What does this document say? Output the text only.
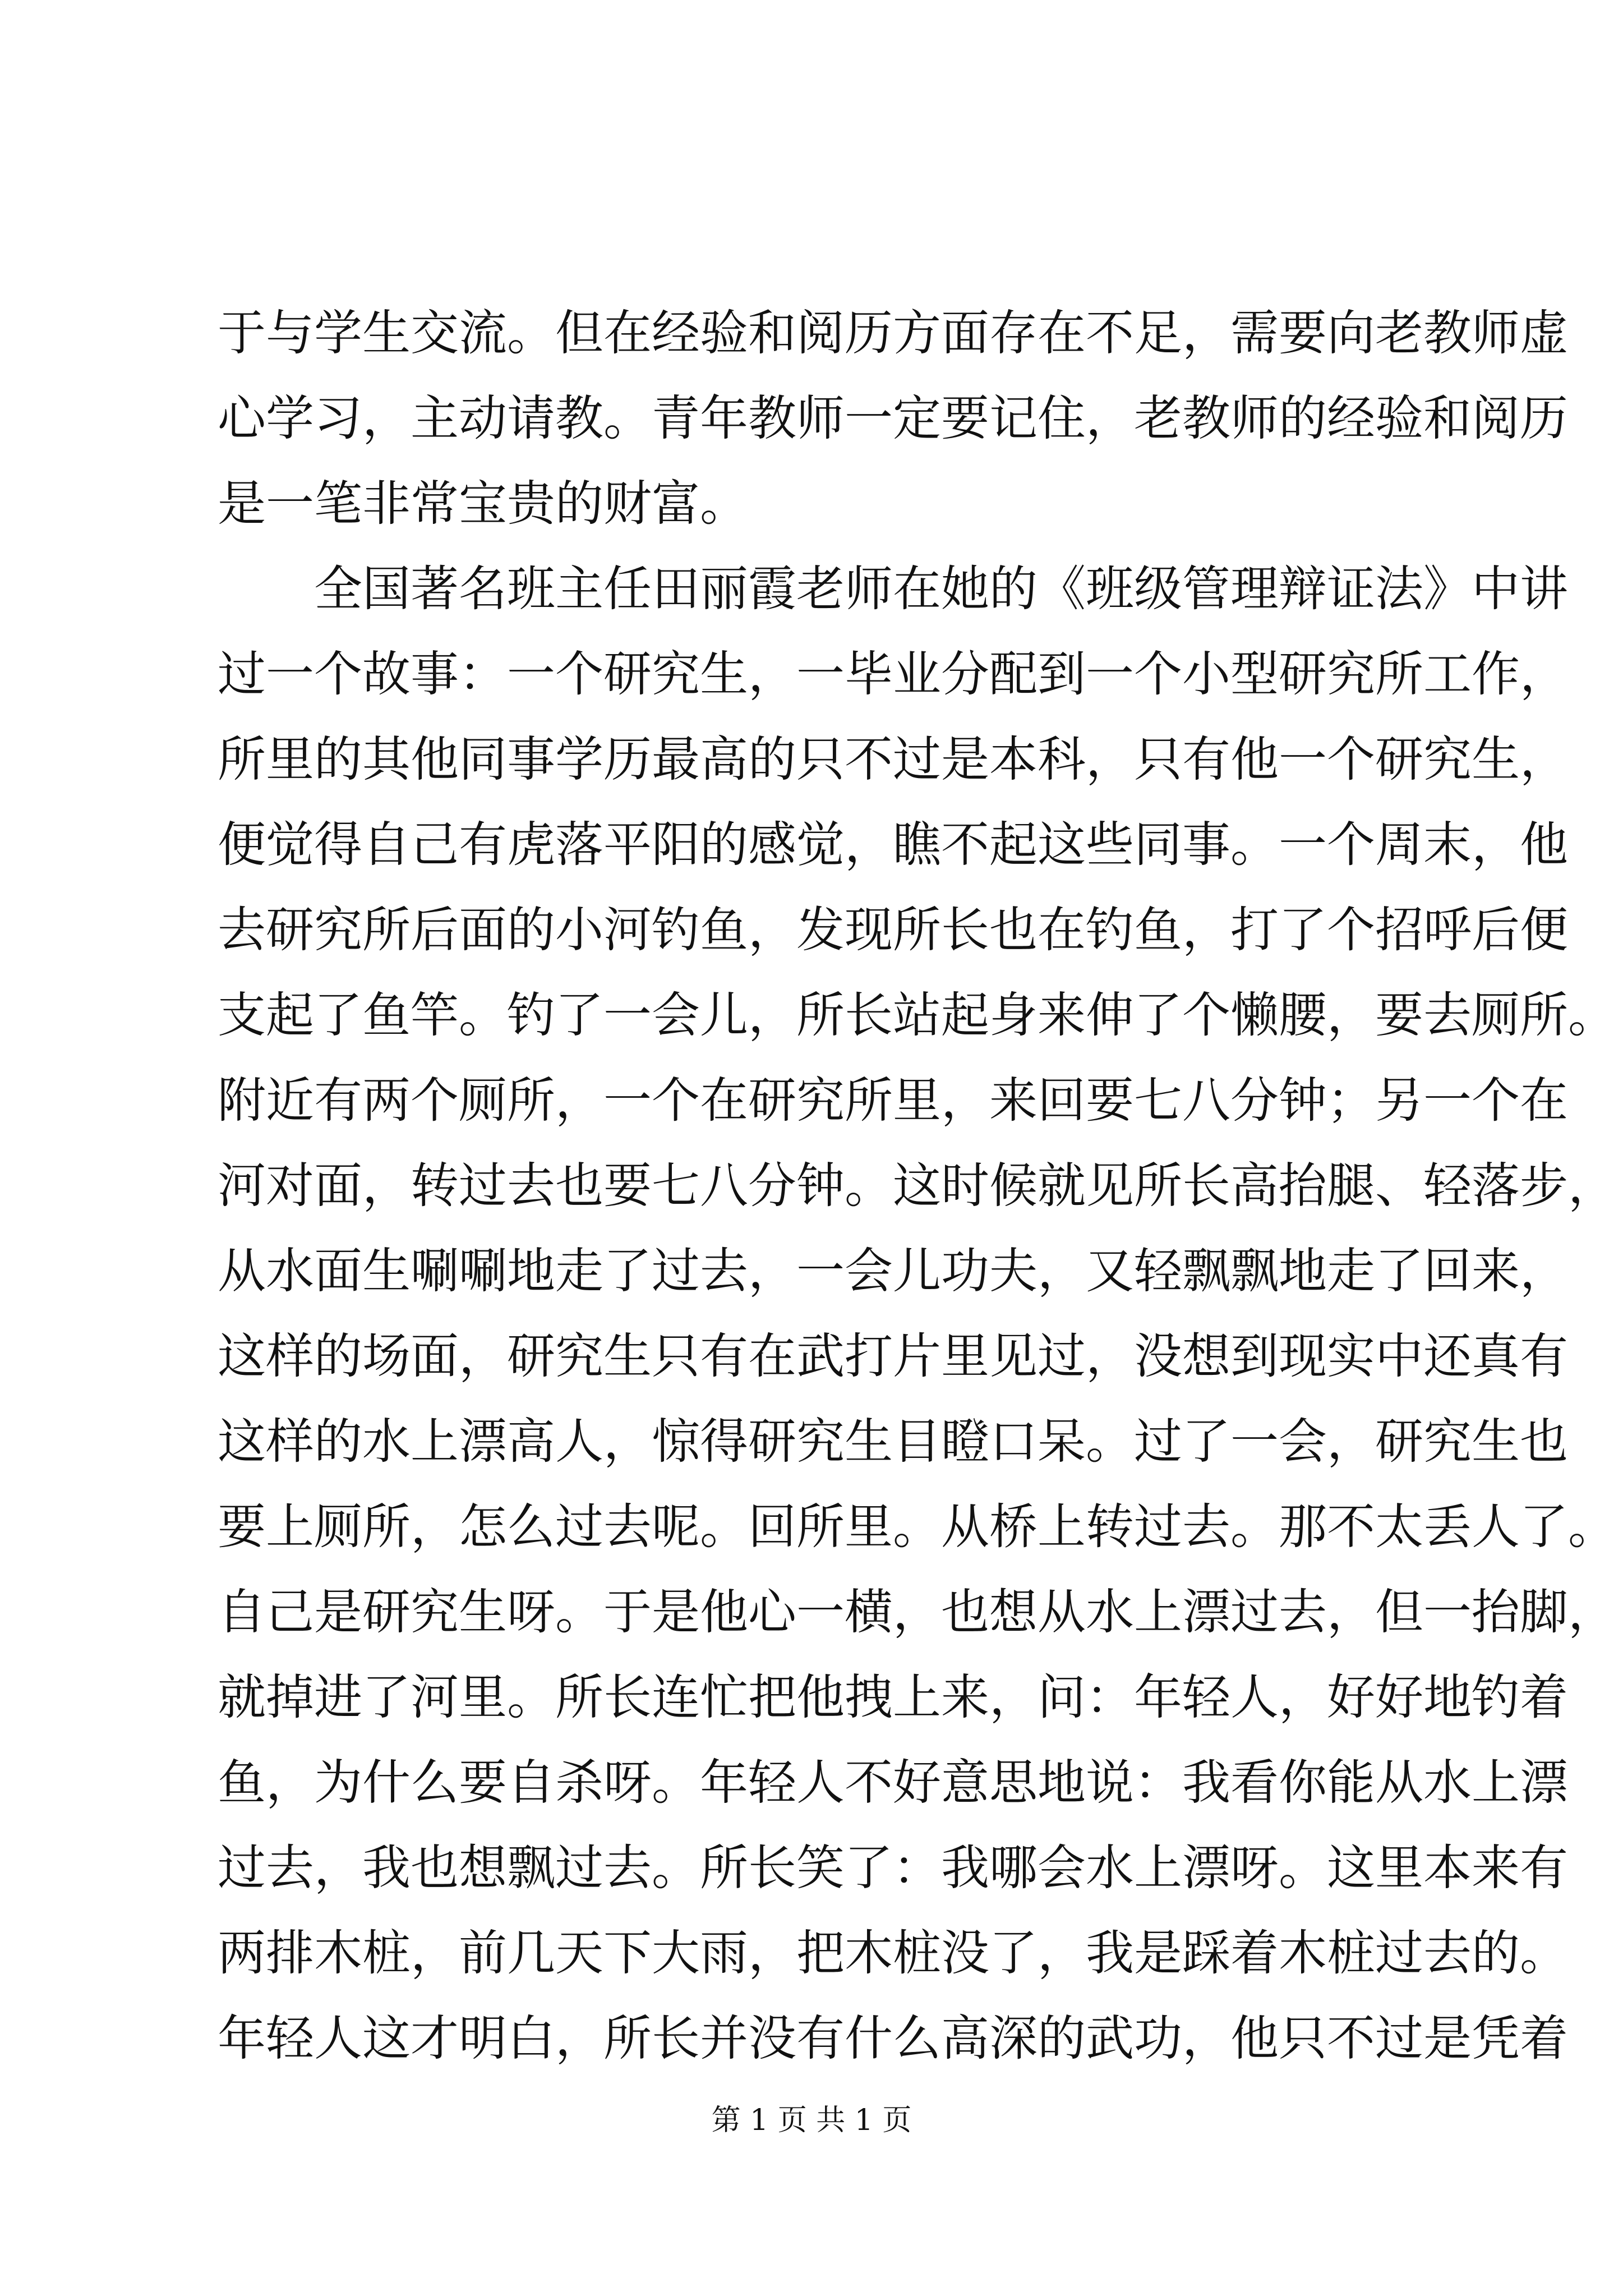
于与学生交流。但在经验和阅历方面存在不足，需要向老教师虚
心学习，主动请教。青年教师一定要记住，老教师的经验和阅历
是一笔非常宝贵的财富。
全国著名班主任田丽霞老师在她的《班级管理辩证法》中讲
过一个故事：一个研究生，一毕业分配到一个小型研究所工作，
所里的其他同事学历最高的只不过是本科，只有他一个研究生，
便觉得自己有虎落平阳的感觉，瞧不起这些同事。一个周末，他
去研究所后面的小河钓鱼，发现所长也在钓鱼，打了个招呼后便
支起了鱼竿。钓了一会儿，所长站起身来伸了个懒腰，要去厕所。
附近有两个厕所，一个在研究所里，来回要七八分钟；另一个在
河对面，转过去也要七八分钟。这时候就见所长高抬腿、轻落步，
从水面生唰唰地走了过去，一会儿功夫，又轻飘飘地走了回来，
这样的场面，研究生只有在武打片里见过，没想到现实中还真有
这样的水上漂高人，惊得研究生目瞪口呆。过了一会，研究生也
要上厕所，怎么过去呢。回所里。从桥上转过去。那不太丢人了。
自己是研究生呀。于是他心一横，也想从水上漂过去，但一抬脚，
就掉进了河里。所长连忙把他拽上来，问：年轻人，好好地钓着
鱼，为什么要自杀呀。年轻人不好意思地说：我看你能从水上漂
过去，我也想飘过去。所长笑了：我哪会水上漂呀。这里本来有
两排木桩，前几天下大雨，把木桩没了，我是踩着木桩过去的。
年轻人这才明白，所长并没有什么高深的武功，他只不过是凭着
第 1 页 共 1 页
